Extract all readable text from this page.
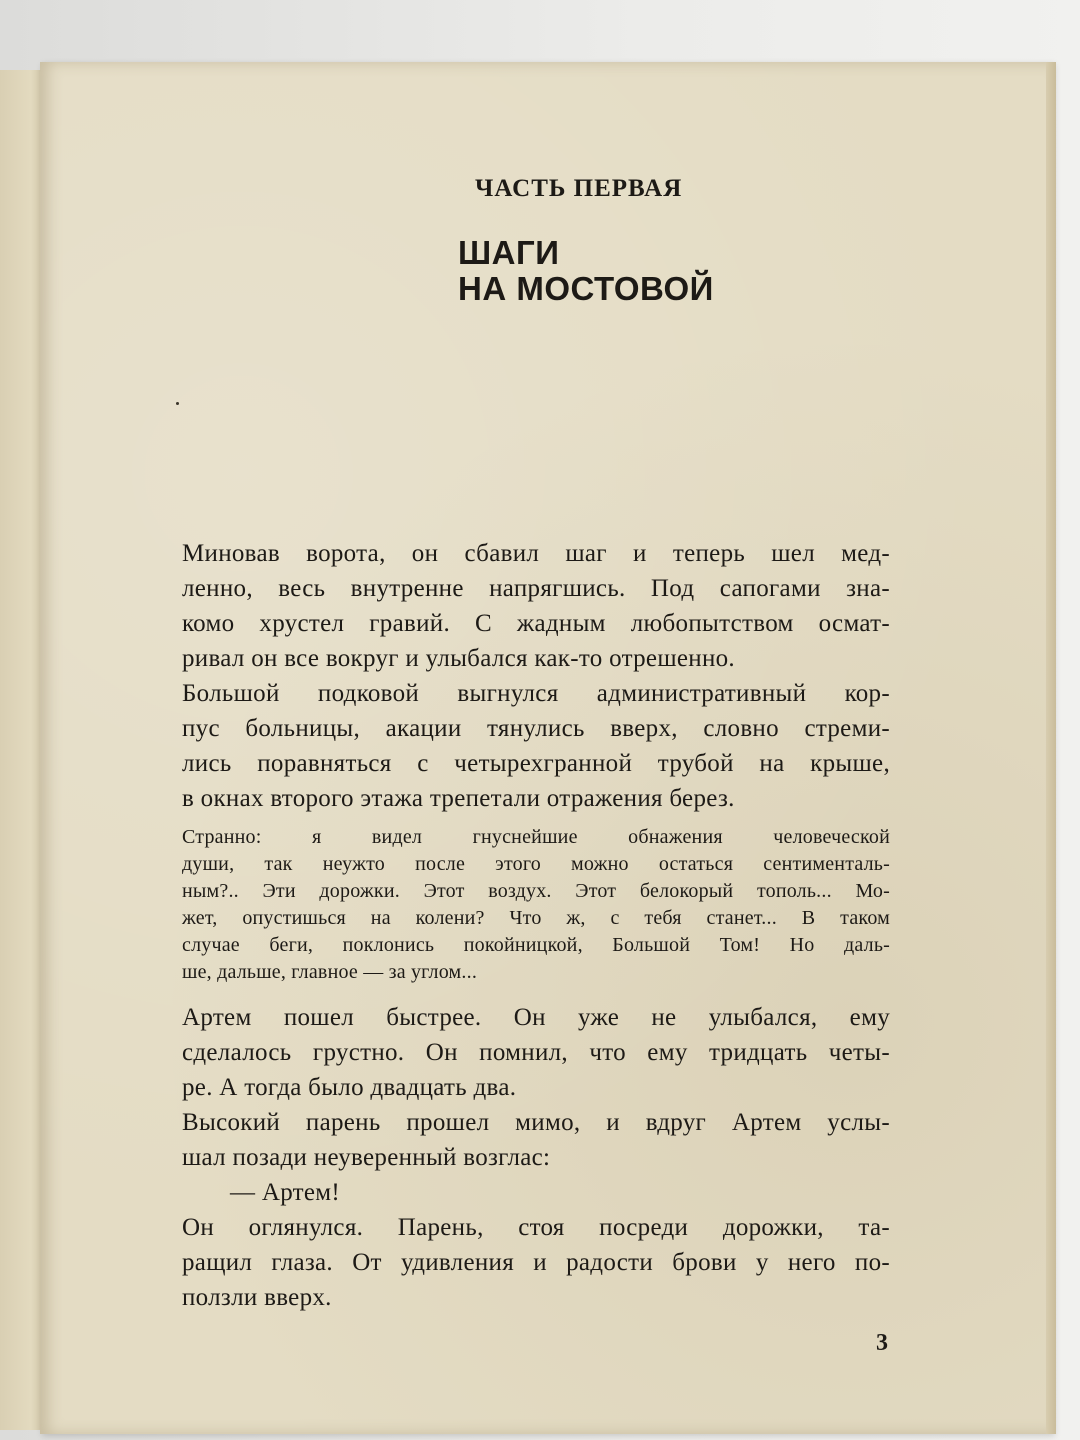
ЧАСТЬ ПЕРВАЯ
ШАГИ
НА МОСТОВОЙ
Миновав ворота, он сбавил шаг и теперь шел мед-
ленно, весь внутренне напрягшись. Под сапогами зна-
комо хрустел гравий. С жадным любопытством осмат-
ривал он все вокруг и улыбался как-то отрешенно.
Большой подковой выгнулся административный кор-
пус больницы, акации тянулись вверх, словно стреми-
лись поравняться с четырехгранной трубой на крыше,
в окнах второго этажа трепетали отражения берез.
Странно: я видел гнуснейшие обнажения человеческой
души, так неужто после этого можно остаться сентименталь-
ным?.. Эти дорожки. Этот воздух. Этот белокорый тополь... Мо-
жет, опустишься на колени? Что ж, с тебя станет... В таком
случае беги, поклонись покойницкой, Большой Том! Но даль-
ше, дальше, главное — за углом...
Артем пошел быстрее. Он уже не улыбался, ему
сделалось грустно. Он помнил, что ему тридцать четы-
ре. А тогда было двадцать два.
Высокий парень прошел мимо, и вдруг Артем услы-
шал позади неуверенный возглас:
— Артем!
Он оглянулся. Парень, стоя посреди дорожки, та-
ращил глаза. От удивления и радости брови у него по-
ползли вверх.
3
